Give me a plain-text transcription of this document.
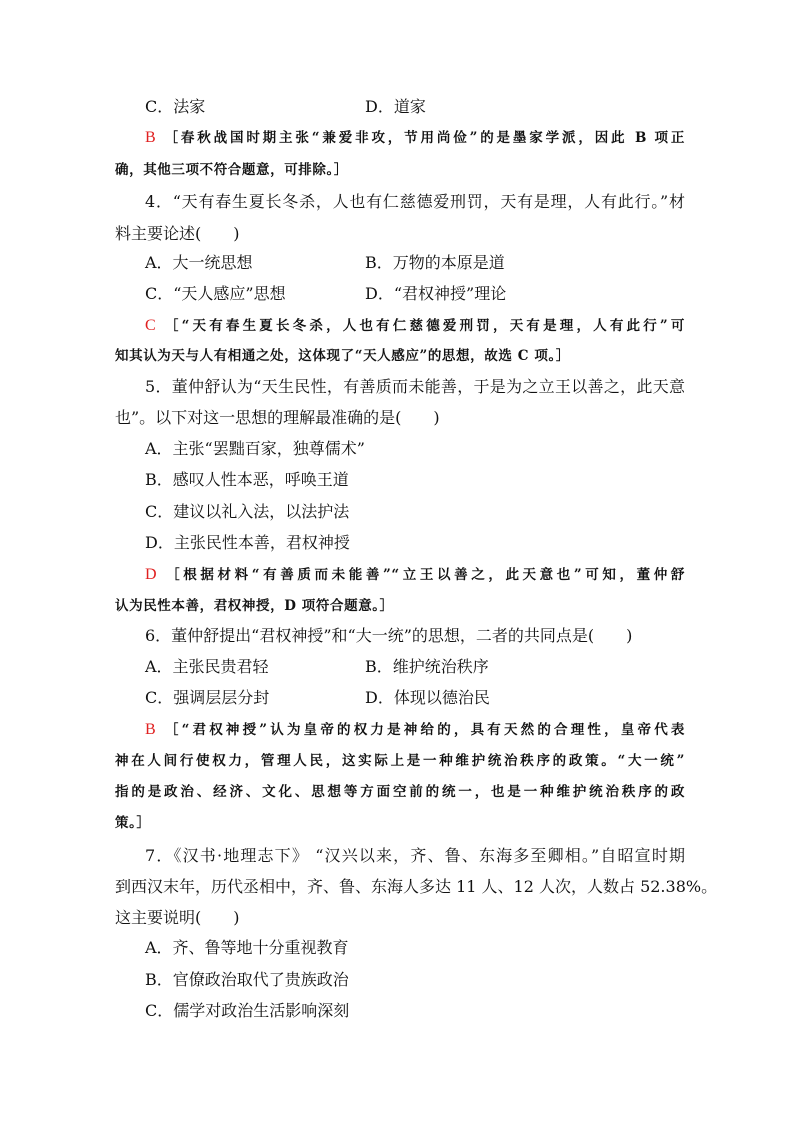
C．法家	D．道家
B ［春秋战国时期主张“兼爱非攻，节用尚俭”的是墨家学派，因此 B 项正
确，其他三项不符合题意，可排除。］
4．“天有春生夏长冬杀，人也有仁慈德爱刑罚，天有是理，人有此行。”材
料主要论述(　　)
A．大一统思想	B．万物的本原是道
C．“天人感应”思想	D．“君权神授”理论
C ［“天有春生夏长冬杀，人也有仁慈德爱刑罚，天有是理，人有此行”可
知其认为天与人有相通之处，这体现了“天人感应”的思想，故选 C 项。］
5．董仲舒认为“天生民性，有善质而未能善，于是为之立王以善之，此天意
也”。以下对这一思想的理解最准确的是(　　)
A．主张“罢黜百家，独尊儒术”
B．感叹人性本恶，呼唤王道
C．建议以礼入法，以法护法
D．主张民性本善，君权神授
D ［根据材料“有善质而未能善”“立王以善之，此天意也”可知，董仲舒
认为民性本善，君权神授，D 项符合题意。］
6．董仲舒提出“君权神授”和“大一统”的思想，二者的共同点是(　　)
A．主张民贵君轻	B．维护统治秩序
C．强调层层分封	D．体现以德治民
B ［“君权神授”认为皇帝的权力是神给的，具有天然的合理性，皇帝代表
神在人间行使权力，管理人民，这实际上是一种维护统治秩序的政策。“大一统”
指的是政治、经济、文化、思想等方面空前的统一，也是一种维护统治秩序的政
策。］
7．《汉书·地理志下》 “汉兴以来，齐、鲁、东海多至卿相。”自昭宣时期
到西汉末年，历代丞相中，齐、鲁、东海人多达 11 人、12 人次，人数占 52.38%。
这主要说明(　　)
A．齐、鲁等地十分重视教育
B．官僚政治取代了贵族政治
C．儒学对政治生活影响深刻
